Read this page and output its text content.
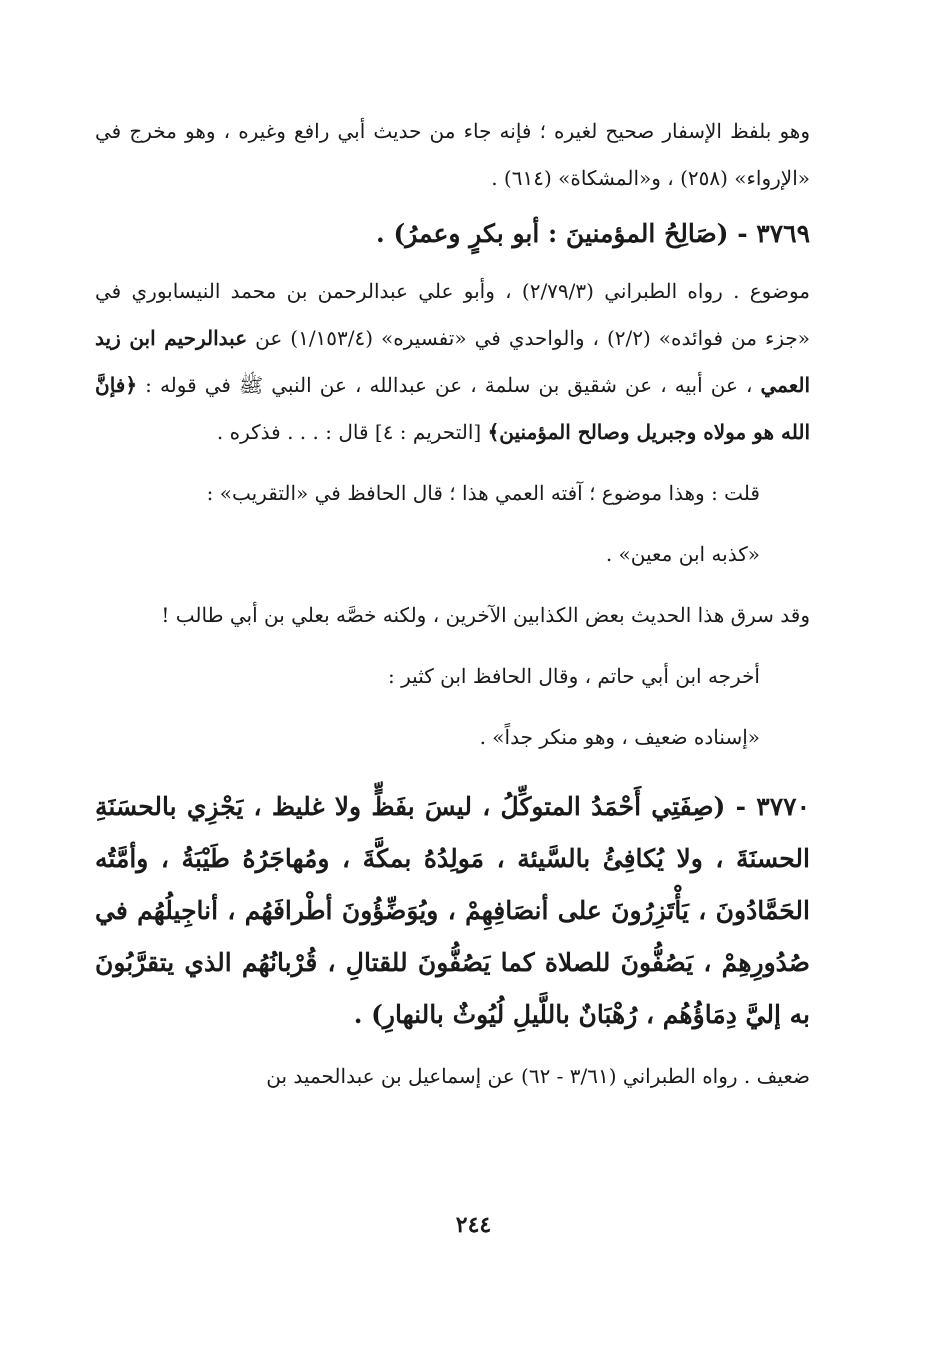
وهو بلفظ الإسفار صحيح لغيره ؛ فإنه جاء من حديث أبي رافع وغيره ، وهو مخرج في «الإرواء» (٢٥٨) ، و«المشكاة» (٦١٤) .

٣٧٦٩ - (صَالِحُ المؤمنينَ : أبو بكرٍ وعمرُ) .

موضوع . رواه الطبراني (٢/٧٩/٣) ، وأبو علي عبدالرحمن بن محمد النيسابوري في «جزء من فوائده» (٢/٢) ، والواحدي في «تفسيره» (١/١٥٣/٤) عن عبدالرحيم ابن زيد العمي ، عن أبيه ، عن شقيق بن سلمة ، عن عبدالله ، عن النبي ﷺ في قوله : ﴿فإنَّ الله هو مولاه وجبريل وصالح المؤمنين﴾ [التحريم : ٤] قال : . . . فذكره .

قلت : وهذا موضوع ؛ آفته العمي هذا ؛ قال الحافظ في «التقريب» :

«كذبه ابن معين» .

وقد سرق هذا الحديث بعض الكذابين الآخرين ، ولكنه خصَّه بعلي بن أبي طالب !

أخرجه ابن أبي حاتم ، وقال الحافظ ابن كثير :

«إسناده ضعيف ، وهو منكر جداً» .

٣٧٧٠ - (صِفَتِي أَحْمَدُ المتوكِّلُ ، ليسَ بفَظٍّ ولا غليظ ، يَجْزِي بالحسَنَةِ الحسنَةَ ، ولا يُكافِئُ بالسَّيئة ، مَولِدُهُ بمكَّةَ ، ومُهاجَرُهُ طَيْبَةُ ، وأمَّتُه الحَمَّادُونَ ، يَأْتَزِرُونَ على أنصَافِهِمْ ، ويُوَضِّؤُونَ أطْرافَهُم ، أناجِيلُهُم في صُدُورِهِمْ ، يَصُفُّونَ للصلاة كما يَصُفُّونَ للقتالِ ، قُرْبانُهُم الذي يتقرَّبُونَ به إليَّ دِمَاؤُهُم ، رُهْبَانٌ باللَّيلِ لُيُوثٌ بالنهارِ) .

ضعيف . رواه الطبراني (٣/٦١ - ٦٢) عن إسماعيل بن عبدالحميد بن

٢٤٤
